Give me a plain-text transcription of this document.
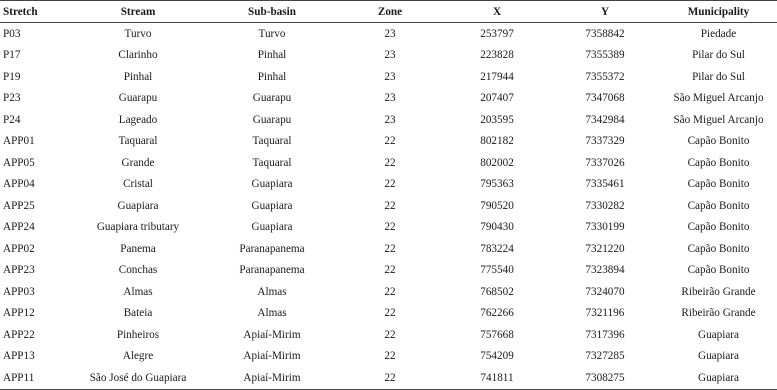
Stretch	Stream	Sub-basin	Zone	X	Y	Municipality
P03	Turvo	Turvo	23	253797	7358842	Piedade
P17	Clarinho	Pinhal	23	223828	7355389	Pilar do Sul
P19	Pinhal	Pinhal	23	217944	7355372	Pilar do Sul
P23	Guarapu	Guarapu	23	207407	7347068	São Miguel Arcanjo
P24	Lageado	Guarapu	23	203595	7342984	São Miguel Arcanjo
APP01	Taquaral	Taquaral	22	802182	7337329	Capão Bonito
APP05	Grande	Taquaral	22	802002	7337026	Capão Bonito
APP04	Cristal	Guapiara	22	795363	7335461	Capão Bonito
APP25	Guapiara	Guapiara	22	790520	7330282	Capão Bonito
APP24	Guapiara tributary	Guapiara	22	790430	7330199	Capão Bonito
APP02	Panema	Paranapanema	22	783224	7321220	Capão Bonito
APP23	Conchas	Paranapanema	22	775540	7323894	Capão Bonito
APP03	Almas	Almas	22	768502	7324070	Ribeirão Grande
APP12	Bateia	Almas	22	762266	7321196	Ribeirão Grande
APP22	Pinheiros	Apiaí-Mirim	22	757668	7317396	Guapiara
APP13	Alegre	Apiaí-Mirim	22	754209	7327285	Guapiara
APP11	São José do Guapiara	Apiaí-Mirim	22	741811	7308275	Guapiara
